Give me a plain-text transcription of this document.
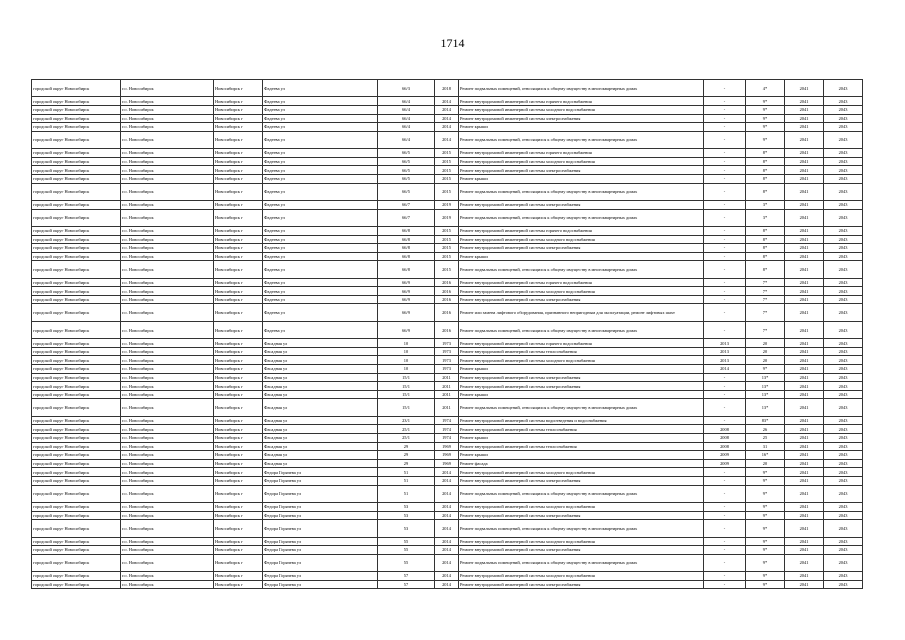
1714
городской округ Новосибирск	г.о. Новосибирск	Новосибирск г	Фадеева ул	66/3	2018	Ремонт подвальных помещений, относящихся к общему имуществу в многоквартирных домах	-	4*	2041	2043
городской округ Новосибирск	г.о. Новосибирск	Новосибирск г	Фадеева ул	66/4	2014	Ремонт внутридомовой инженерной системы горячего водоснабжения	-	9*	2041	2043
городской округ Новосибирск	г.о. Новосибирск	Новосибирск г	Фадеева ул	66/4	2014	Ремонт внутридомовой инженерной системы холодного водоснабжения	-	9*	2041	2043
городской округ Новосибирск	г.о. Новосибирск	Новосибирск г	Фадеева ул	66/4	2014	Ремонт внутридомовой инженерной системы электроснабжения	-	9*	2041	2043
городской округ Новосибирск	г.о. Новосибирск	Новосибирск г	Фадеева ул	66/4	2014	Ремонт крыши	-	9*	2041	2043
городской округ Новосибирск	г.о. Новосибирск	Новосибирск г	Фадеева ул	66/4	2014	Ремонт подвальных помещений, относящихся к общему имуществу в многоквартирных домах	-	9*	2041	2043
городской округ Новосибирск	г.о. Новосибирск	Новосибирск г	Фадеева ул	66/5	2015	Ремонт внутридомовой инженерной системы горячего водоснабжения	-	8*	2041	2043
городской округ Новосибирск	г.о. Новосибирск	Новосибирск г	Фадеева ул	66/5	2015	Ремонт внутридомовой инженерной системы холодного водоснабжения	-	8*	2041	2043
городской округ Новосибирск	г.о. Новосибирск	Новосибирск г	Фадеева ул	66/5	2015	Ремонт внутридомовой инженерной системы электроснабжения	-	8*	2041	2043
городской округ Новосибирск	г.о. Новосибирск	Новосибирск г	Фадеева ул	66/5	2015	Ремонт крыши	-	8*	2041	2043
городской округ Новосибирск	г.о. Новосибирск	Новосибирск г	Фадеева ул	66/5	2015	Ремонт подвальных помещений, относящихся к общему имуществу в многоквартирных домах	-	8*	2041	2043
городской округ Новосибирск	г.о. Новосибирск	Новосибирск г	Фадеева ул	66/7	2019	Ремонт внутридомовой инженерной системы электроснабжения	-	3*	2041	2043
городской округ Новосибирск	г.о. Новосибирск	Новосибирск г	Фадеева ул	66/7	2019	Ремонт подвальных помещений, относящихся к общему имуществу в многоквартирных домах	-	3*	2041	2043
городской округ Новосибирск	г.о. Новосибирск	Новосибирск г	Фадеева ул	66/8	2015	Ремонт внутридомовой инженерной системы горячего водоснабжения	-	8*	2041	2043
городской округ Новосибирск	г.о. Новосибирск	Новосибирск г	Фадеева ул	66/8	2015	Ремонт внутридомовой инженерной системы холодного водоснабжения	-	8*	2041	2043
городской округ Новосибирск	г.о. Новосибирск	Новосибирск г	Фадеева ул	66/8	2015	Ремонт внутридомовой инженерной системы электроснабжения	-	8*	2041	2043
городской округ Новосибирск	г.о. Новосибирск	Новосибирск г	Фадеева ул	66/8	2015	Ремонт крыши	-	8*	2041	2043
городской округ Новосибирск	г.о. Новосибирск	Новосибирск г	Фадеева ул	66/8	2015	Ремонт подвальных помещений, относящихся к общему имуществу в многоквартирных домах	-	8*	2041	2043
городской округ Новосибирск	г.о. Новосибирск	Новосибирск г	Фадеева ул	66/9	2016	Ремонт внутридомовой инженерной системы горячего водоснабжения	-	7*	2041	2043
городской округ Новосибирск	г.о. Новосибирск	Новосибирск г	Фадеева ул	66/9	2016	Ремонт внутридомовой инженерной системы холодного водоснабжения	-	7*	2041	2043
городской округ Новосибирск	г.о. Новосибирск	Новосибирск г	Фадеева ул	66/9	2016	Ремонт внутридомовой инженерной системы электроснабжения	-	7*	2041	2043
городской округ Новосибирск	г.о. Новосибирск	Новосибирск г	Фадеева ул	66/9	2016	Ремонт или замена лифтового оборудования, признанного непригодным для эксплуатации, ремонт лифтовых шахт	-	7*	2041	2043
городской округ Новосибирск	г.о. Новосибирск	Новосибирск г	Фадеева ул	66/9	2016	Ремонт подвальных помещений, относящихся к общему имуществу в многоквартирных домах	-	7*	2041	2043
городской округ Новосибирск	г.о. Новосибирск	Новосибирск г	Фасадная ул	10	1973	Ремонт внутридомовой инженерной системы горячего водоснабжения	2013	20	2041	2043
городской округ Новосибирск	г.о. Новосибирск	Новосибирск г	Фасадная ул	10	1973	Ремонт внутридомовой инженерной системы теплоснабжения	2013	20	2041	2043
городской округ Новосибирск	г.о. Новосибирск	Новосибирск г	Фасадная ул	10	1973	Ремонт внутридомовой инженерной системы холодного водоснабжения	2013	20	2041	2043
городской округ Новосибирск	г.о. Новосибирск	Новосибирск г	Фасадная ул	10	1973	Ремонт крыши	2014	9*	2041	2043
городской округ Новосибирск	г.о. Новосибирск	Новосибирск г	Фасадная ул	15/1	2011	Ремонт внутридомовой инженерной системы электроснабжения	-	13*	2041	2043
городской округ Новосибирск	г.о. Новосибирск	Новосибирск г	Фасадная ул	15/1	2011	Ремонт внутридомовой инженерной системы электроснабжения	-	13*	2041	2043
городской округ Новосибирск	г.о. Новосибирск	Новосибирск г	Фасадная ул	15/1	2011	Ремонт крыши	-	13*	2041	2043
городской округ Новосибирск	г.о. Новосибирск	Новосибирск г	Фасадная ул	15/1	2011	Ремонт подвальных помещений, относящихся к общему имуществу в многоквартирных домах	-	13*	2041	2043
городской округ Новосибирск	г.о. Новосибирск	Новосибирск г	Фасадная ул	23/1	1974	Ремонт внутридомовой инженерной системы водоотведения и водоснабжения	-	83*	2041	2043
городской округ Новосибирск	г.о. Новосибирск	Новосибирск г	Фасадная ул	25/1	1974	Ремонт внутридомовой инженерной системы теплоснабжения	2008	26	2041	2043
городской округ Новосибирск	г.о. Новосибирск	Новосибирск г	Фасадная ул	25/1	1974	Ремонт крыши	2008	25	2041	2043
городской округ Новосибирск	г.о. Новосибирск	Новосибирск г	Фасадная ул	29	1969	Ремонт внутридомовой инженерной системы теплоснабжения	2008	31	2041	2043
городской округ Новосибирск	г.о. Новосибирск	Новосибирск г	Фасадная ул	29	1969	Ремонт крыши	2009	16*	2041	2043
городской округ Новосибирск	г.о. Новосибирск	Новосибирск г	Фасадная ул	29	1969	Ремонт фасада	2009	20	2041	2043
городской округ Новосибирск	г.о. Новосибирск	Новосибирск г	Федора Горячева ул	51	2014	Ремонт внутридомовой инженерной системы холодного водоснабжения	-	9*	2041	2043
городской округ Новосибирск	г.о. Новосибирск	Новосибирск г	Федора Горячева ул	51	2014	Ремонт внутридомовой инженерной системы электроснабжения	-	9*	2041	2043
городской округ Новосибирск	г.о. Новосибирск	Новосибирск г	Федора Горячева ул	51	2014	Ремонт подвальных помещений, относящихся к общему имуществу в многоквартирных домах	-	9*	2041	2043
городской округ Новосибирск	г.о. Новосибирск	Новосибирск г	Федора Горячева ул	53	2014	Ремонт внутридомовой инженерной системы холодного водоснабжения	-	9*	2041	2043
городской округ Новосибирск	г.о. Новосибирск	Новосибирск г	Федора Горячева ул	53	2014	Ремонт внутридомовой инженерной системы электроснабжения	-	9*	2041	2043
городской округ Новосибирск	г.о. Новосибирск	Новосибирск г	Федора Горячева ул	53	2014	Ремонт подвальных помещений, относящихся к общему имуществу в многоквартирных домах	-	9*	2041	2043
городской округ Новосибирск	г.о. Новосибирск	Новосибирск г	Федора Горячева ул	55	2014	Ремонт внутридомовой инженерной системы холодного водоснабжения	-	9*	2041	2043
городской округ Новосибирск	г.о. Новосибирск	Новосибирск г	Федора Горячева ул	55	2014	Ремонт внутридомовой инженерной системы электроснабжения	-	9*	2041	2043
городской округ Новосибирск	г.о. Новосибирск	Новосибирск г	Федора Горячева ул	55	2014	Ремонт подвальных помещений, относящихся к общему имуществу в многоквартирных домах	-	9*	2041	2043
городской округ Новосибирск	г.о. Новосибирск	Новосибирск г	Федора Горячева ул	57	2014	Ремонт внутридомовой инженерной системы холодного водоснабжения	-	9*	2041	2043
городской округ Новосибирск	г.о. Новосибирск	Новосибирск г	Федора Горячева ул	57	2014	Ремонт внутридомовой инженерной системы электроснабжения	-	9*	2041	2043
